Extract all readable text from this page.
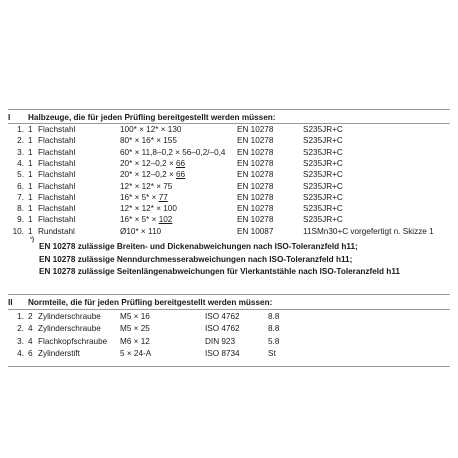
I Halbzeuge, die für jeden Prüfling bereitgestellt werden müssen:
1. 1 Flachstahl	100* × 12* × 130	EN 10278	S235JR+C
2. 1 Flachstahl	80* × 16* × 155	EN 10278	S235JR+C
3. 1 Flachstahl	60* × 11,8–0,2 × 56–0,2/–0,4 EN 10278	S235JR+C
4. 1 Flachstahl	20* × 12–0,2 × 66	EN 10278	S235JR+C
5. 1 Flachstahl	20* × 12–0,2 × 66	EN 10278	S235JR+C
6. 1 Flachstahl	12* × 12* × 75	EN 10278	S235JR+C
7. 1 Flachstahl	16* × 5* × 77	EN 10278	S235JR+C
8. 1 Flachstahl	12* × 12* × 100	EN 10278	S235JR+C
9. 1 Flachstahl	16* × 5* × 102	EN 10278	S235JR+C
10. 1 Rundstahl	Ø10* × 110	EN 10087	11SMn30+C vorgefertigt n. Skizze 1
¹)
EN 10278 zulässige Breiten- und Dickenabweichungen nach ISO-Toleranzfeld h11;
EN 10278 zulässige Nenndurchmesserabweichungen nach ISO-Toleranzfeld h11;
EN 10278 zulässige Seitenlängenabweichungen für Vierkantstähle nach ISO-Toleranzfeld h11
II Normteile, die für jeden Prüfling bereitgestellt werden müssen:
1. 2 Zylinderschraube M5 × 16	ISO 4762	8.8
2. 4 Zylinderschraube M5 × 25	ISO 4762	8.8
3. 4 Flachkopfschraube M6 × 12	DIN 923	5.8
4. 6 Zylinderstift	5 × 24-A	ISO 8734	St
